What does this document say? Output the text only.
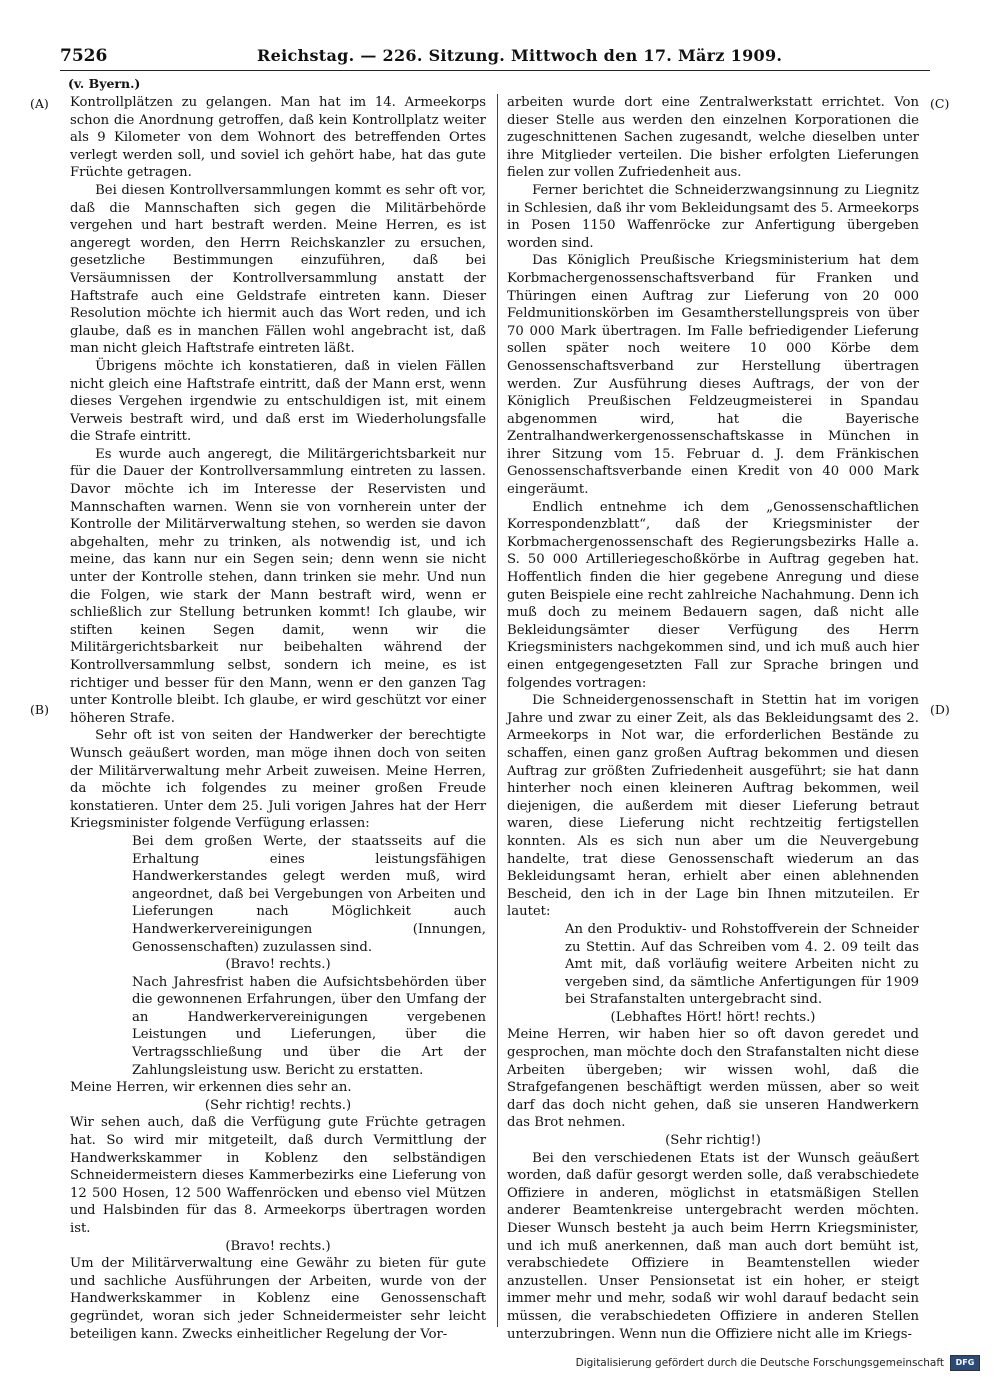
7526	Reichstag. — 226. Sitzung. Mittwoch den 17. März 1909.
(v. Byern.)
(A)
(B)
(C)
(D)

Kontrollplätzen zu gelangen. Man hat im 14. Armeekorps schon die Anordnung getroffen, daß kein Kontrollplatz weiter als 9 Kilometer von dem Wohnort des betreffenden Ortes verlegt werden soll, und soviel ich gehört habe, hat das gute Früchte getragen.

Bei diesen Kontrollversammlungen kommt es sehr oft vor, daß die Mannschaften sich gegen die Militärbehörde vergehen und hart bestraft werden. Meine Herren, es ist angeregt worden, den Herrn Reichskanzler zu ersuchen, gesetzliche Bestimmungen einzuführen, daß bei Versäumnissen der Kontrollversammlung anstatt der Haftstrafe auch eine Geldstrafe eintreten kann. Dieser Resolution möchte ich hiermit auch das Wort reden, und ich glaube, daß es in manchen Fällen wohl angebracht ist, daß man nicht gleich Haftstrafe eintreten läßt.

Übrigens möchte ich konstatieren, daß in vielen Fällen nicht gleich eine Haftstrafe eintritt, daß der Mann erst, wenn dieses Vergehen irgendwie zu entschuldigen ist, mit einem Verweis bestraft wird, und daß erst im Wiederholungsfalle die Strafe eintritt.

Es wurde auch angeregt, die Militärgerichtsbarkeit nur für die Dauer der Kontrollversammlung eintreten zu lassen. Davor möchte ich im Interesse der Reservisten und Mannschaften warnen. Wenn sie von vornherein unter der Kontrolle der Militärverwaltung stehen, so werden sie davon abgehalten, mehr zu trinken, als notwendig ist, und ich meine, das kann nur ein Segen sein; denn wenn sie nicht unter der Kontrolle stehen, dann trinken sie mehr. Und nun die Folgen, wie stark der Mann bestraft wird, wenn er schließlich zur Stellung betrunken kommt! Ich glaube, wir stiften keinen Segen damit, wenn wir die Militärgerichtsbarkeit nur beibehalten während der Kontrollversammlung selbst, sondern ich meine, es ist richtiger und besser für den Mann, wenn er den ganzen Tag unter Kontrolle bleibt. Ich glaube, er wird geschützt vor einer höheren Strafe.

Sehr oft ist von seiten der Handwerker der berechtigte Wunsch geäußert worden, man möge ihnen doch von seiten der Militärverwaltung mehr Arbeit zuweisen. Meine Herren, da möchte ich folgendes zu meiner großen Freude konstatieren. Unter dem 25. Juli vorigen Jahres hat der Herr Kriegsminister folgende Verfügung erlassen:

Bei dem großen Werte, der staatsseits auf die Erhaltung eines leistungsfähigen Handwerkerstandes gelegt werden muß, wird angeordnet, daß bei Vergebungen von Arbeiten und Lieferungen nach Möglichkeit auch Handwerkervereinigungen (Innungen, Genossenschaften) zuzulassen sind.

(Bravo! rechts.)

Nach Jahresfrist haben die Aufsichtsbehörden über die gewonnenen Erfahrungen, über den Umfang der an Handwerkervereinigungen vergebenen Leistungen und Lieferungen, über die Vertragsschließung und über die Art der Zahlungsleistung usw. Bericht zu erstatten.

Meine Herren, wir erkennen dies sehr an.

(Sehr richtig! rechts.)

Wir sehen auch, daß die Verfügung gute Früchte getragen hat. So wird mir mitgeteilt, daß durch Vermittlung der Handwerkskammer in Koblenz den selbständigen Schneidermeistern dieses Kammerbezirks eine Lieferung von 12 500 Hosen, 12 500 Waffenröcken und ebenso viel Mützen und Halsbinden für das 8. Armeekorps übertragen worden ist.

(Bravo! rechts.)

Um der Militärverwaltung eine Gewähr zu bieten für gute und sachliche Ausführungen der Arbeiten, wurde von der Handwerkskammer in Koblenz eine Genossenschaft gegründet, woran sich jeder Schneidermeister sehr leicht beteiligen kann. Zwecks einheitlicher Regelung der Vor-

arbeiten wurde dort eine Zentralwerkstatt errichtet. Von dieser Stelle aus werden den einzelnen Korporationen die zugeschnittenen Sachen zugesandt, welche dieselben unter ihre Mitglieder verteilen. Die bisher erfolgten Lieferungen fielen zur vollen Zufriedenheit aus.

Ferner berichtet die Schneiderzwangsinnung zu Liegnitz in Schlesien, daß ihr vom Bekleidungsamt des 5. Armeekorps in Posen 1150 Waffenröcke zur Anfertigung übergeben worden sind.

Das Königlich Preußische Kriegsministerium hat dem Korbmachergenossenschaftsverband für Franken und Thüringen einen Auftrag zur Lieferung von 20 000 Feldmunitionskörben im Gesamtherstellungspreis von über 70 000 Mark übertragen. Im Falle befriedigender Lieferung sollen später noch weitere 10 000 Körbe dem Genossenschaftsverband zur Herstellung übertragen werden. Zur Ausführung dieses Auftrags, der von der Königlich Preußischen Feldzeugmeisterei in Spandau abgenommen wird, hat die Bayerische Zentralhandwerkergenossenschaftskasse in München in ihrer Sitzung vom 15. Februar d. J. dem Fränkischen Genossenschaftsverbande einen Kredit von 40 000 Mark eingeräumt.

Endlich entnehme ich dem „Genossenschaftlichen Korrespondenzblatt“, daß der Kriegsminister der Korbmachergenossenschaft des Regierungsbezirks Halle a. S. 50 000 Artilleriegeschoßkörbe in Auftrag gegeben hat. Hoffentlich finden die hier gegebene Anregung und diese guten Beispiele eine recht zahlreiche Nachahmung. Denn ich muß doch zu meinem Bedauern sagen, daß nicht alle Bekleidungsämter dieser Verfügung des Herrn Kriegsministers nachgekommen sind, und ich muß auch hier einen entgegengesetzten Fall zur Sprache bringen und folgendes vortragen:

Die Schneidergenossenschaft in Stettin hat im vorigen Jahre und zwar zu einer Zeit, als das Bekleidungsamt des 2. Armeekorps in Not war, die erforderlichen Bestände zu schaffen, einen ganz großen Auftrag bekommen und diesen Auftrag zur größten Zufriedenheit ausgeführt; sie hat dann hinterher noch einen kleineren Auftrag bekommen, weil diejenigen, die außerdem mit dieser Lieferung betraut waren, diese Lieferung nicht rechtzeitig fertigstellen konnten. Als es sich nun aber um die Neuvergebung handelte, trat diese Genossenschaft wiederum an das Bekleidungsamt heran, erhielt aber einen ablehnenden Bescheid, den ich in der Lage bin Ihnen mitzuteilen. Er lautet:

An den Produktiv- und Rohstoffverein der Schneider zu Stettin. Auf das Schreiben vom 4. 2. 09 teilt das Amt mit, daß vorläufig weitere Arbeiten nicht zu vergeben sind, da sämtliche Anfertigungen für 1909 bei Strafanstalten untergebracht sind.

(Lebhaftes Hört! hört! rechts.)

Meine Herren, wir haben hier so oft davon geredet und gesprochen, man möchte doch den Strafanstalten nicht diese Arbeiten übergeben; wir wissen wohl, daß die Strafgefangenen beschäftigt werden müssen, aber so weit darf das doch nicht gehen, daß sie unseren Handwerkern das Brot nehmen.

(Sehr richtig!)

Bei den verschiedenen Etats ist der Wunsch geäußert worden, daß dafür gesorgt werden solle, daß verabschiedete Offiziere in anderen, möglichst in etatsmäßigen Stellen anderer Beamtenkreise untergebracht werden möchten. Dieser Wunsch besteht ja auch beim Herrn Kriegsminister, und ich muß anerkennen, daß man auch dort bemüht ist, verabschiedete Offiziere in Beamtenstellen wieder anzustellen. Unser Pensionsetat ist ein hoher, er steigt immer mehr und mehr, sodaß wir wohl darauf bedacht sein müssen, die verabschiedeten Offiziere in anderen Stellen unterzubringen. Wenn nun die Offiziere nicht alle im Kriegs-

Digitalisierung gefördert durch die Deutsche Forschungsgemeinschaft	DFG
